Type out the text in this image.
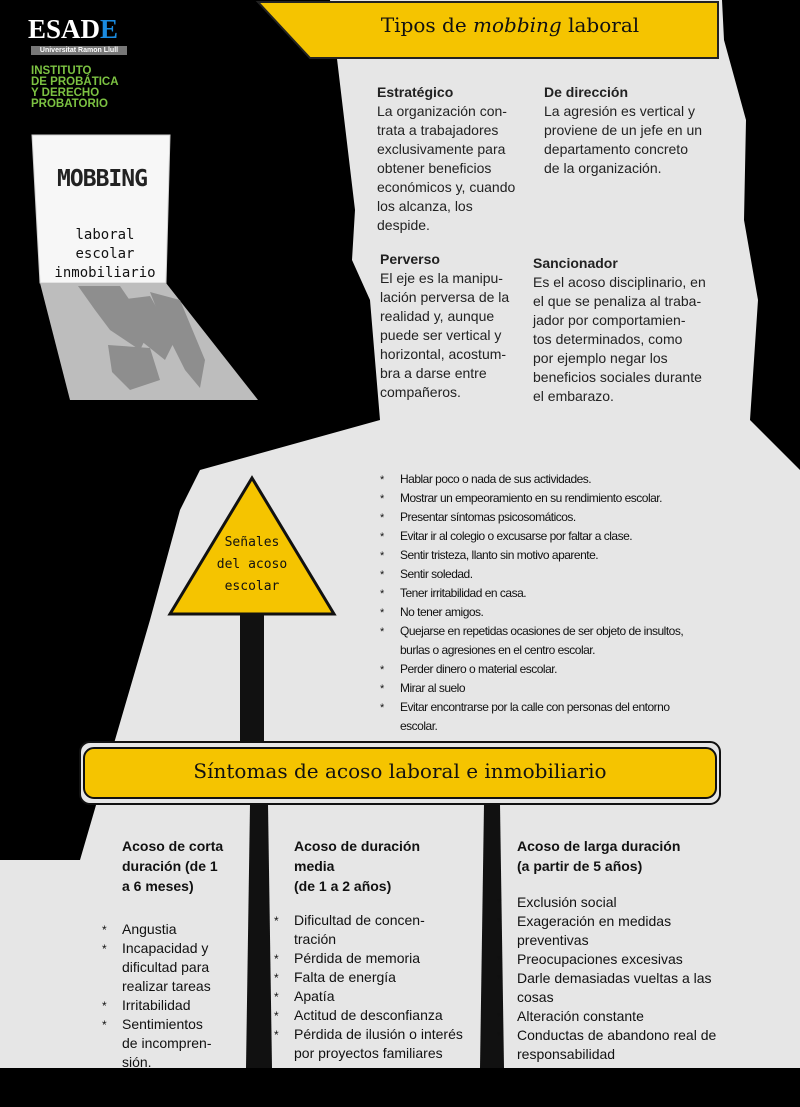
ESADE
Universitat Ramon Llull
INSTITUTO
DE PROBÁTICA
Y DERECHO
PROBATORIO
MOBBING
laboral
escolar
inmobiliario
Tipos de mobbing laboral
Estratégico
La organización con-
trata a trabajadores
exclusivamente para
obtener beneficios
económicos y, cuando
los alcanza, los
despide.
De dirección
La agresión es vertical y
proviene de un jefe en un
departamento concreto
de la organización.
Perverso
El eje es la manipu-
lación perversa de la
realidad y, aunque
puede ser vertical y
horizontal, acostum-
bra a darse entre
compañeros.
Sancionador
Es el acoso disciplinario, en
el que se penaliza al traba-
jador por comportamien-
tos determinados, como
por ejemplo negar los
beneficios sociales durante
el embarazo.
Señales
del acoso
escolar
* Hablar poco o nada de sus actividades.
* Mostrar un empeoramiento en su rendimiento escolar.
* Presentar síntomas psicosomáticos.
* Evitar ir al colegio o excusarse por faltar a clase.
* Sentir tristeza, llanto sin motivo aparente.
* Sentir soledad.
* Tener irritabilidad en casa.
* No tener amigos.
* Quejarse en repetidas ocasiones de ser objeto de insultos,
burlas o agresiones en el centro escolar.
* Perder dinero o material escolar.
* Mirar al suelo
* Evitar encontrarse por la calle con personas del entorno
escolar.
Síntomas de acoso laboral e inmobiliario
Acoso de corta
duración (de 1
a 6 meses)
* Angustia
* Incapacidad y
dificultad para
realizar tareas
* Irritabilidad
* Sentimientos
de incompren-
sión.
Acoso de duración
media
(de 1 a 2 años)
* Dificultad de concen-
tración
* Pérdida de memoria
* Falta de energía
* Apatía
* Actitud de desconfianza
* Pérdida de ilusión o interés
por proyectos familiares
Acoso de larga duración
(a partir de 5 años)
* Exclusión social
* Exageración en medidas
preventivas
* Preocupaciones excesivas
* Darle demasiadas vueltas a las
cosas
* Alteración constante
* Conductas de abandono real de
responsabilidad
